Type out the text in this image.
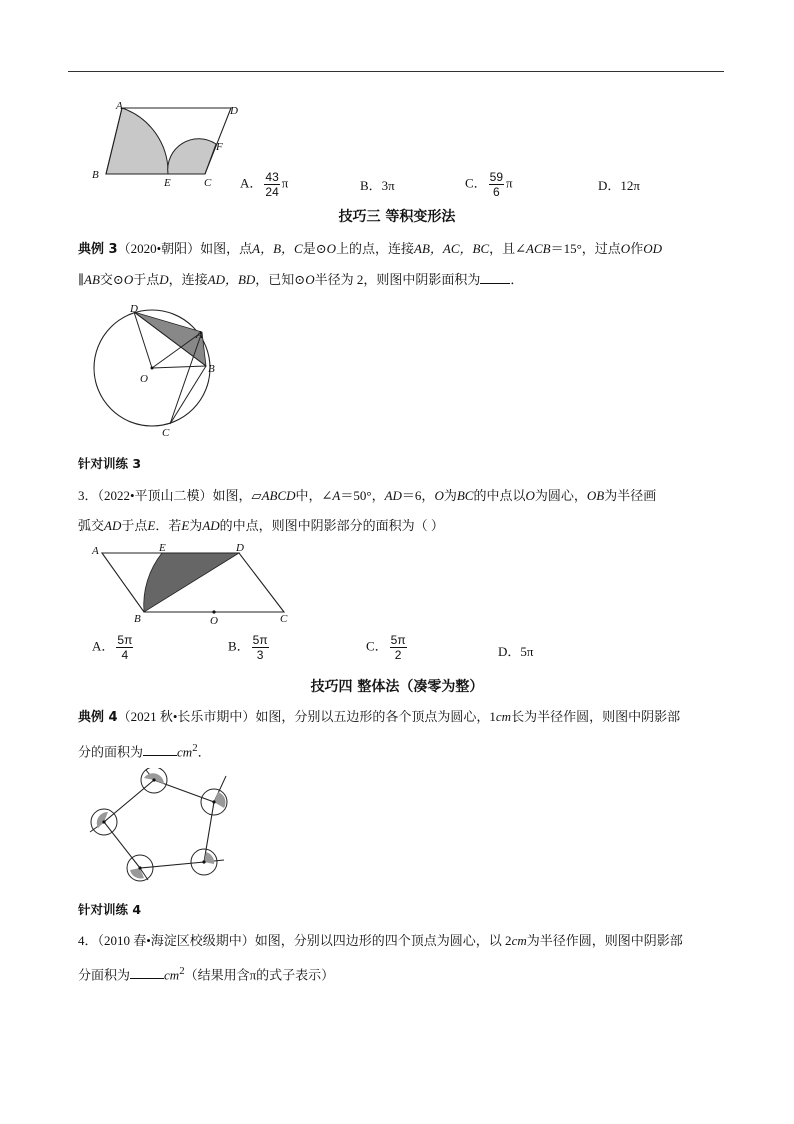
A	D
B
E	C
F
A． $\frac{43}{24}$ π	B．3π	C． $\frac{59}{6}$ π	D．12π
技巧三 等积变形法
典例 3（2020•朝阳）如图，点A，B，C是⊙O上的点，连接AB，AC，BC，且∠ACB＝15°，过点O作OD
∥AB交⊙O于点D，连接AD，BD，已知⊙O半径为 2，则图中阴影面积为 ．
D
A
O
B
C
针对训练 3
3．（2022•平顶山二模）如图，▱ABCD中，∠A＝50°，AD＝6，O为BC的中点以O为圆心，OB为半径画
弧交AD于点E．若E为AD的中点，则图中阴影部分的面积为（ ）
A	E	D
B	O	C
A． $\frac{5\pi}{4}$	B． $\frac{5\pi}{3}$	C． $\frac{5\pi}{2}$	D．5π
技巧四 整体法（凑零为整）
典例 4（2021 秋•长乐市期中）如图，分别以五边形的各个顶点为圆心，1cm长为半径作圆，则图中阴影部
分的面积为	$cm^2$．
针对训练 4
4．（2010 春•海淀区校级期中）如图，分别以四边形的四个顶点为圆心，以 2cm为半径作圆，则图中阴影部
分面积为	$cm^2$（结果用含π的式子表示）
